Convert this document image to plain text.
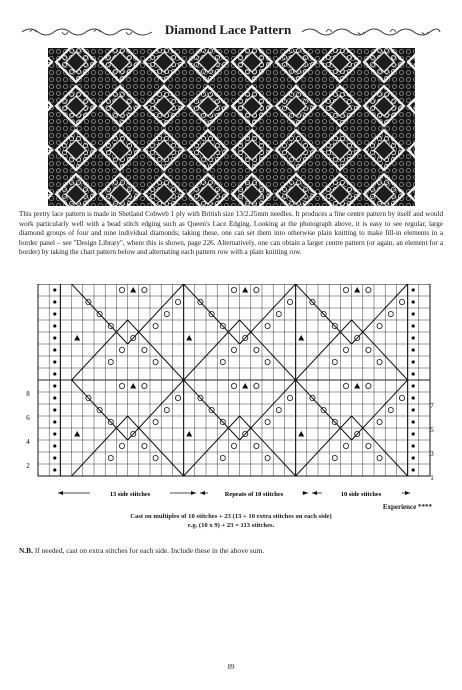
Diamond Lace Pattern
This pretty lace pattern is made in Shetland Cobweb 1 ply with British size 13/2.25mm needles. It produces a fine centre pattern by itself and would work particularly well with a bead stitch edging such as Queen's Lace Edging. Looking at the photograph above, it is easy to see regular, large diamond groups of four and nine individual diamonds; taking these, one can set them into otherwise plain knitting to make fill-in elements in a border panel – see "Design Library", where this is shown, page 226. Alternatively, one can obtain a larger centre pattern (or again, an element for a border) by taking the chart pattern below and alternating each pattern row with a plain knitting row.
8
6
4
2
7
5
3
1
13 side stitches	Repeats of 10 stitches	10 side stitches
Experience ****
Cast on multiples of 10 stitches + 23 (13 + 10 extra stitches on each side)
e.g. (10 x 9) + 23 = 113 stitches.
N.B. If needed, cast on extra stitches for each side. Include these in the above sum.
89
